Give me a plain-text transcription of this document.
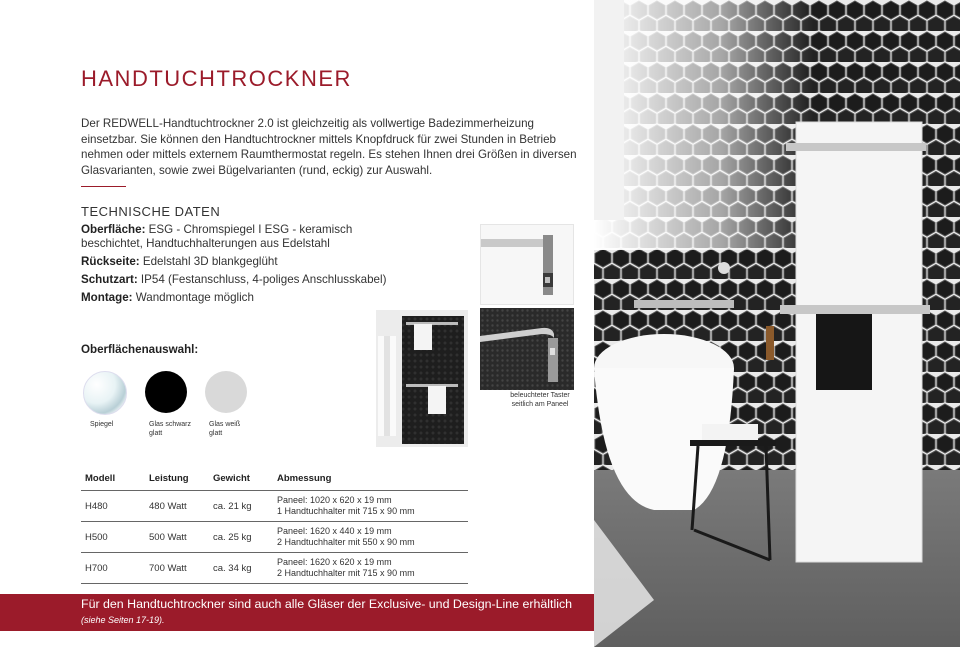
HANDTUCHTROCKNER
Der REDWELL-Handtuchtrockner 2.0 ist gleichzeitig als vollwertige Badezimmerheizung einsetzbar. Sie können den Handtuchtrockner mittels Knopfdruck für zwei Stunden in Betrieb nehmen oder mittels externem Raumthermostat regeln. Es stehen Ihnen drei Größen in diversen Glasvarianten, sowie zwei Bügelvarianten (rund, eckig) zur Auswahl.
TECHNISCHE DATEN
Oberfläche: ESG - Chromspiegel I ESG - keramisch beschichtet, Handtuchhalterungen aus Edelstahl
Rückseite: Edelstahl 3D blankgeglüht
Schutzart: IP54 (Festanschluss, 4-poliges Anschlusskabel)
Montage: Wandmontage möglich
Oberflächenauswahl:
Spiegel	Glas schwarz glatt
Glas weiß glatt
beleuchteter Taster seitlich am Paneel
Modell	Leistung	Gewicht	Abmessung
H480	480 Watt	ca. 21 kg	Paneel: 1020 x 620 x 19 mm
1 Handtuchhalter mit 715 x 90 mm
H500	500 Watt	ca. 25 kg	Paneel: 1620 x 440 x 19 mm
2 Handtuchhalter mit 550 x 90 mm
H700	700 Watt	ca. 34 kg	Paneel: 1620 x 620 x 19 mm
2 Handtuchhalter mit 715 x 90 mm
Für den Handtuchtrockner sind auch alle Gläser der Exclusive- und Design-Line erhältlich (siehe Seiten 17-19).
